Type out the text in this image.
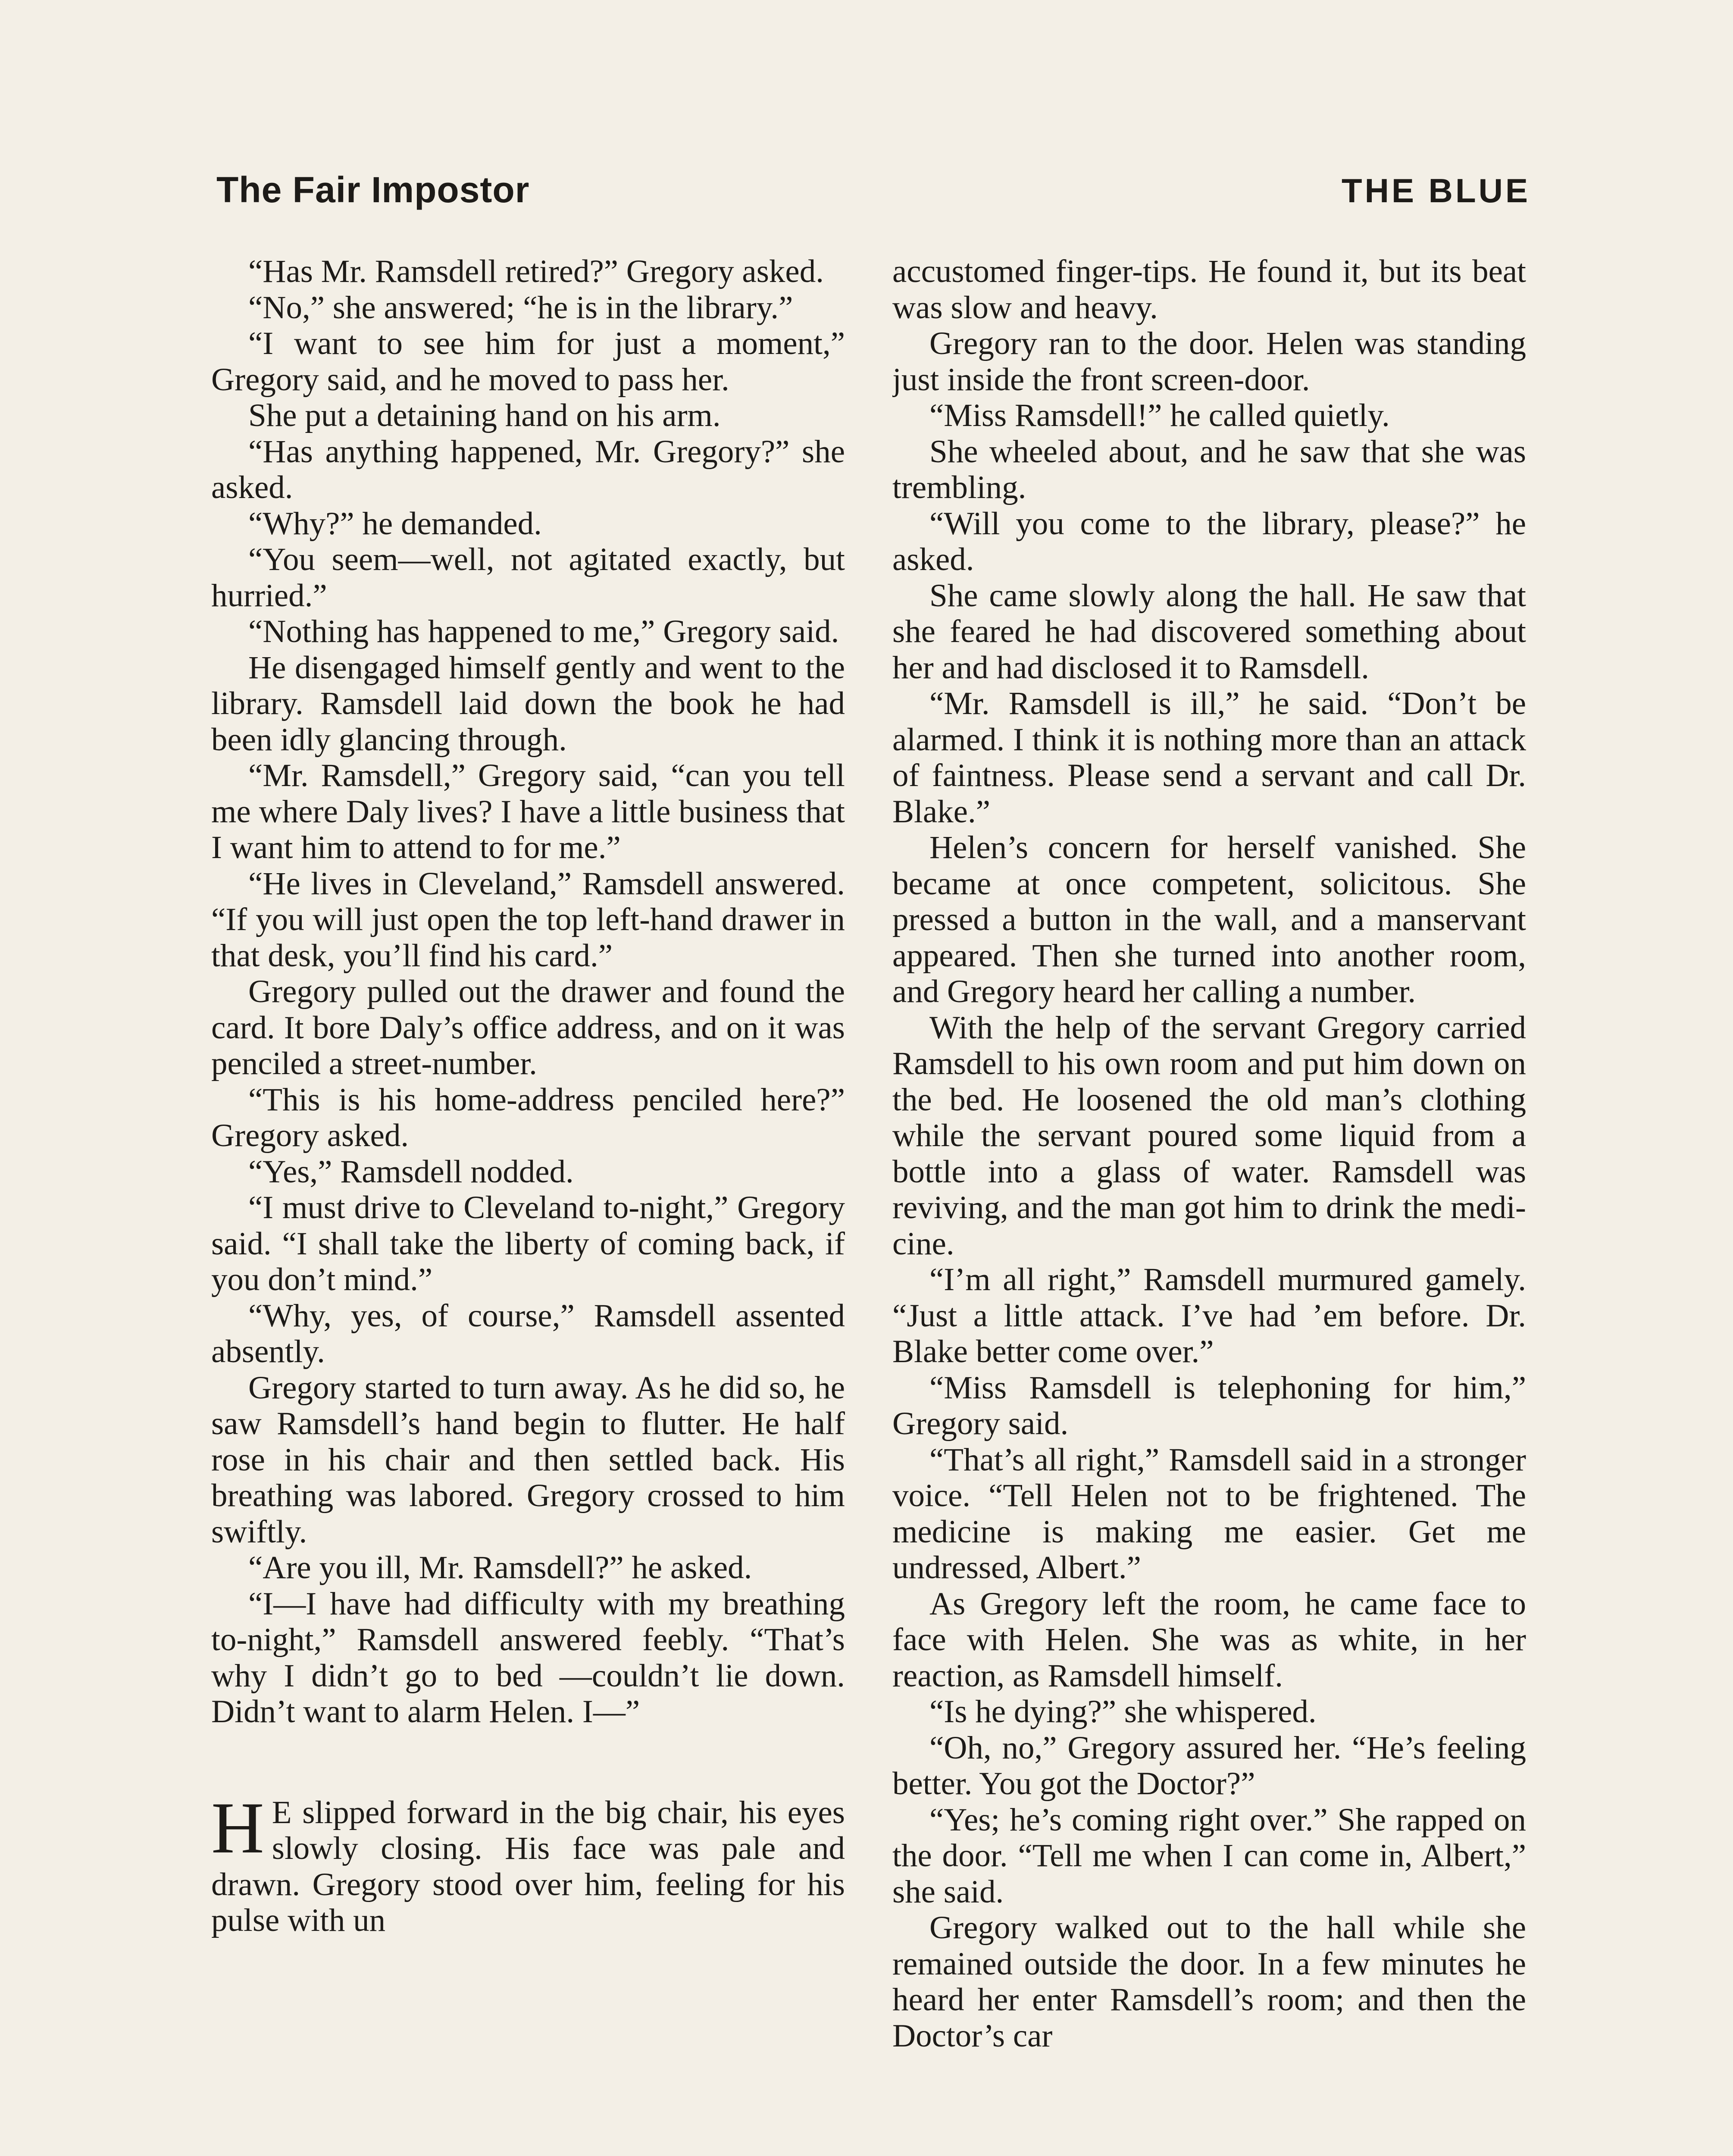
The Fair Impostor	THE BLUE

“Has Mr. Ramsdell retired?” Gregory asked.

“No,” she answered; “he is in the library.”

“I want to see him for just a moment,” Gregory said, and he moved to pass her.

She put a detaining hand on his arm.

“Has anything happened, Mr. Gregory?” she asked.

“Why?” he demanded.

“You seem—well, not agitated exactly, but hurried.”

“Nothing has happened to me,” Gregory said.

He disengaged himself gently and went to the library. Ramsdell laid down the book he had been idly glancing through.

“Mr. Ramsdell,” Gregory said, “can you tell me where Daly lives? I have a little business that I want him to attend to for me.”

“He lives in Cleveland,” Ramsdell answered. “If you will just open the top left-hand drawer in that desk, you’ll find his card.”

Gregory pulled out the drawer and found the card. It bore Daly’s office address, and on it was penciled a street-number.

“This is his home-address penciled here?” Gregory asked.

“Yes,” Ramsdell nodded.

“I must drive to Cleveland to-night,” Gregory said. “I shall take the liberty of coming back, if you don’t mind.”

“Why, yes, of course,” Ramsdell assented absently.

Gregory started to turn away. As he did so, he saw Ramsdell’s hand begin to flutter. He half rose in his chair and then settled back. His breathing was labored. Gregory crossed to him swiftly.

“Are you ill, Mr. Ramsdell?” he asked.

“I—I have had difficulty with my breathing to-night,” Ramsdell answered feebly. “That’s why I didn’t go to bed —couldn’t lie down. Didn’t want to alarm Helen. I—”

H E slipped forward in the big chair, his eyes slowly closing. His face was pale and drawn. Gregory stood over him, feeling for his pulse with un

accustomed finger-tips. He found it, but its beat was slow and heavy.

Gregory ran to the door. Helen was standing just inside the front screen-door.

“Miss Ramsdell!” he called quietly.

She wheeled about, and he saw that she was trembling.

“Will you come to the library, please?” he asked.

She came slowly along the hall. He saw that she feared he had discovered something about her and had disclosed it to Ramsdell.

“Mr. Ramsdell is ill,” he said. “Don’t be alarmed. I think it is nothing more than an attack of faintness. Please send a servant and call Dr. Blake.”

Helen’s concern for herself vanished. She became at once competent, solicitous. She pressed a button in the wall, and a manservant appeared. Then she turned into another room, and Gregory heard her calling a number.

With the help of the servant Gregory carried Ramsdell to his own room and put him down on the bed. He loosened the old man’s clothing while the servant poured some liquid from a bottle into a glass of water. Ramsdell was reviving, and the man got him to drink the medicine.

“I’m all right,” Ramsdell murmured gamely. “Just a little attack. I’ve had ’em before. Dr. Blake better come over.”

“Miss Ramsdell is telephoning for him,” Gregory said.

“That’s all right,” Ramsdell said in a stronger voice. “Tell Helen not to be frightened. The medicine is making me easier. Get me undressed, Albert.”

As Gregory left the room, he came face to face with Helen. She was as white, in her reaction, as Ramsdell himself.

“Is he dying?” she whispered.

“Oh, no,” Gregory assured her. “He’s feeling better. You got the Doctor?”

“Yes; he’s coming right over.” She rapped on the door. “Tell me when I can come in, Albert,” she said.

Gregory walked out to the hall while she remained outside the door. In a few minutes he heard her enter Ramsdell’s room; and then the Doctor’s car
